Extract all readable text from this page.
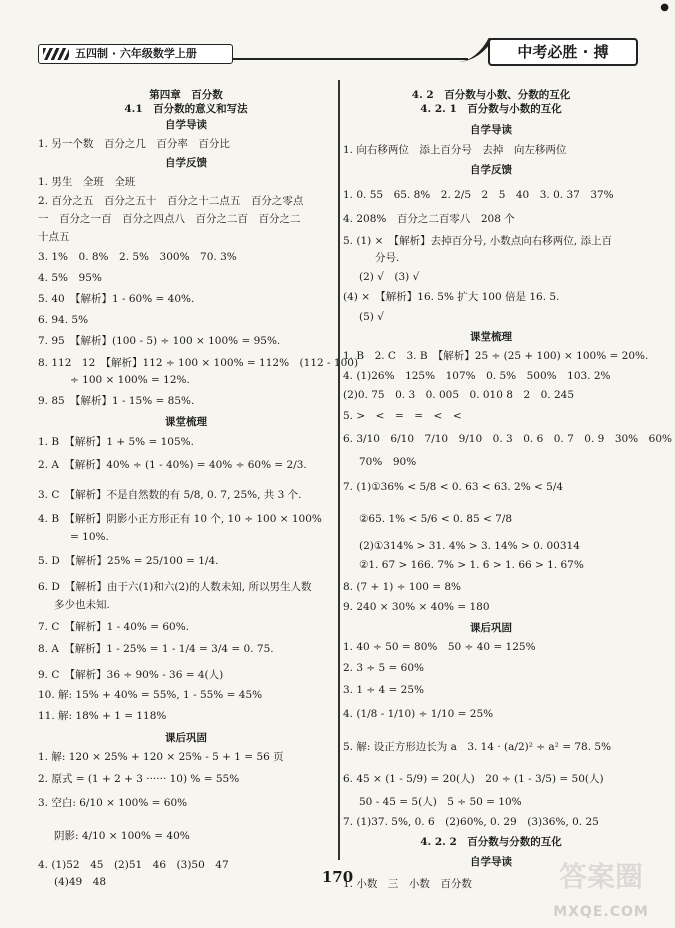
五四制 · 六年级数学上册	中考必胜 · 搏
●
第四章　百分数
4.1　百分数的意义和写法
自学导读
1. 另一个数　百分之几　百分率　百分比
自学反馈
1. 男生　全班　全班
2. 百分之五　百分之五十　百分之十二点五　百分之零点
一　百分之一百　百分之四点八　百分之二百　百分之二
十点五
3. 1%　0. 8%　2. 5%　300%　70. 3%
4. 5%　95%
5. 40　【解析】1 - 60% = 40%.
6. 94. 5%
7. 95　【解析】(100 - 5) ÷ 100 × 100% = 95%.
8. 112　12　【解析】112 ÷ 100 × 100% = 112%　(112 - 100)
÷ 100 × 100% = 12%.
9. 85　【解析】1 - 15% = 85%.
课堂梳理
1. B　【解析】1 + 5% = 105%.
2. A　【解析】40% ÷ (1 - 40%) = 40% ÷ 60% = 2/3.
3. C　【解析】不是自然数的有 5/8, 0. 7, 25%, 共 3 个.
4. B　【解析】阴影小正方形正有 10 个, 10 ÷ 100 × 100%
= 10%.
5. D　【解析】25% = 25/100 = 1/4.
6. D　【解析】由于六(1)和六(2)的人数未知, 所以男生人数
多少也未知.
7. C　【解析】1 - 40% = 60%.
8. A　【解析】1 - 25% = 1 - 1/4 = 3/4 = 0. 75.
9. C　【解析】36 ÷ 90% - 36 = 4(人)
10. 解: 15% + 40% = 55%, 1 - 55% = 45%
11. 解: 18% + 1 = 118%
课后巩固
1. 解: 120 × 25% + 120 × 25% - 5 + 1 = 56 页
2. 原式 = (1 + 2 + 3 ······ 10) % = 55%
3. 空白: 6/10 × 100% = 60%
阴影: 4/10 × 100% = 40%
4. (1)52　45　(2)51　46　(3)50　47
(4)49　48
4. 2　百分数与小数、分数的互化
4. 2. 1　百分数与小数的互化
自学导读
1. 向右移两位　添上百分号　去掉　向左移两位
自学反馈
1. 0. 55　65. 8%　2. 2/5　2　5　40　3. 0. 37　37%
4. 208%　百分之二百零八　208 个
5. (1) ×　【解析】去掉百分号, 小数点向右移两位, 添上百
分号.
(2) √　(3) √
(4) ×　【解析】16. 5% 扩大 100 倍是 16. 5.
(5) √
课堂梳理
1. B　2. C　3. B　【解析】25 ÷ (25 + 100) × 100% = 20%.
4. (1)26%　125%　107%　0. 5%　500%　103. 2%
(2)0. 75　0. 3　0. 005　0. 010 8　2　0. 245
5. >　<　=　=　<　<
6. 3/10　6/10　7/10　9/10　0. 3　0. 6　0. 7　0. 9　30%　60%
70%　90%
7. (1)①36% < 5/8 < 0. 63 < 63. 2% < 5/4
②65. 1% < 5/6 < 0. 85 < 7/8
(2)①314% > 31. 4% > 3. 14% > 0. 00314
②1. 67 > 166. 7% > 1. 6̇ > 1. 66 > 1. 67%
8. (7 + 1) ÷ 100 = 8%
9. 240 × 30% × 40% = 180
课后巩固
1. 40 ÷ 50 = 80%　50 ÷ 40 = 125%
2. 3 ÷ 5 = 60%
3. 1 ÷ 4 = 25%
4. (1/8 - 1/10) ÷ 1/10 = 25%
5. 解: 设正方形边长为 a　3. 14 · (a/2)² ÷ a² = 78. 5%
6. 45 × (1 - 5/9) = 20(人)　20 ÷ (1 - 3/5) = 50(人)
50 - 45 = 5(人)　5 ÷ 50 = 10%
7. (1)37. 5%, 0. 6　(2)60%, 0. 29　(3)36%, 0. 25
4. 2. 2　百分数与分数的互化
自学导读
1. 小数　三　小数　百分数
170	答案圈
MXQE.COM
